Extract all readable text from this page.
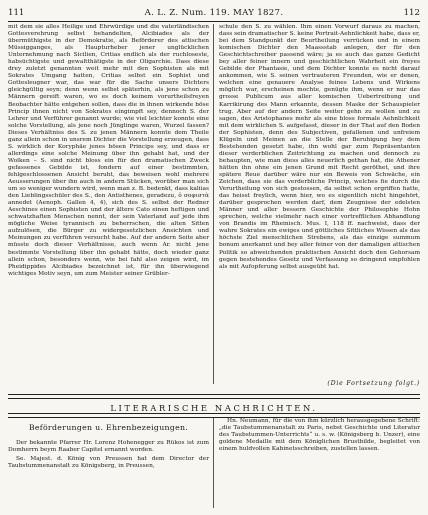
111	A. L. Z. Num. 119. MAY 1827.	112

mit dem sie alles Heilige und Ehrwürdige und die vaterländischen Gottesverehrung selbst behandelten, Alcibiades als der übermüthigste in der Demokratie, als Beförderer des attischen Müssigganges, als Haupturheber jener unglücklichen Unternehmung nach Sicilien, Critias endlich als der ruchloseste, habsüchtigste und gewaltthätigste in der Oligarchie. Dass diese drey zuletzt genannten weit mehr mit den Sophisten als mit Sokrates Umgang hatten, Critias selbst ein Sophist und Gottesleugner war, das war für die Sache unsers Dichters gleichgültig seyn; denn wenn selbst späterhin, als jene schon zu Männern gereift waren, wo es doch keinem vorurtheilsfreyen Beobachter hätte entgehen sollen, dass die in ihnen wirkende böse Princip ihnen nicht von Sokrates eingimpft sey, dennoch S. der Lehrer und Verführer genannt wurde; wie viel leichter konnte eine solche Vorstellung, als jene noch Jünglinge waren, Wurzel fassen? Dieses Verhältniss des S. zu jenen Männern konnte dem Theile ganz allein schon in unsrem Dichter die Vorstellung erzeugen, dass S. wirklich der Koryphäe jenes bösen Princips sey, und dass er allerdings eine solche Meinung über ihn gehabt hat, und der Wolken – S. sind nicht bloss ein für den dramatischen Zweck gefassenes Gebilde ist, fondern auf einer bestimmten, fehlgeschlossenen Ansicht beruht, das beweisen wohl mehrere Aeusserungen über ihn auch in andern Stücken, worüber man sich um so weniger wundern wird, wenn man z. B. bedenkt, dass kaliias den Lieblingsschüler des S., den Antisthenes, geradezu, ὁ σοφιστὰ annedet (Aenoph. Gallen 4, 4), sich des S. selbst der Redner Aeschines einen Sophisten und der ältere Cato einen heftigen und schwatzhaften Menschen nennt, der sein Vaterland auf jede ihm mögliche Weise tyrannisch zu beherrschen, die alten Sitten aufzulösen, die Bürger zu widergesetzlichen Ansichten und Meinungen zu verführen versucht habe. Auf der andern Seite aber müsste doch dieser Verhältnisse, auch wenn Ar. nicht jene bestimmte Vorstellung über ihn gehabt hätte, doch wieder ganz allein schon, besonders wenn, wie bei fahl also zeigen wird, im Pheidippides Alcibiades bezeichnet ist, für ihn überwiegend wichtiges Motiv seyn, um zum Meister seiner Grübler-

schule den S. zu wählen. Ihm einen Vorwurf daraus zu machen, dass sein dramatischer S. keine Portrait-Aehnlichkeit habe, dass er, bei dem Standpunkt der Beurtheilung verrücken und in einem komischen Dichter den Maassstab anlegen, der für den Geschichtschreiber passend wäre; ja es auch das ganze Gedicht bey aller feiner innern und geschichtlichen Wahrheit ein freyes Gebilde der Phantasie, und dem Dichter konnte es nicht darauf ankommen, wie S. seinen vertrauteren Freunden, wie er denen, welchen eine genauere Analyse feines Lebens und Wirkens möglich war, erscheinen mochte, genügte ihm, wenn er nur das grosse Publicum aus aller komischen Uebertreibung und Karrikirung des Mann erkannte, dessen Maske der Schauspieler trug. Aber auf der andern Seite weiter gehn zu wollen und zu sagen, des Aristophanes mehr als eine bloss formale Aehnlichkeit mit dem wirklichen S. aufgefasst, dieser in der That auf den Boden der Sophisten, denn des Subjectiven, gefallenen und unfreiem Klügeln und Meinen an die Stelle der Beruhigung bey dem Bestehenden gesetzt habe, ihn wohl gar zum Repräsentanten dieser verderblichen Zeitrichtung zu machen und dennoch zu behaupten, wie man diess alles neuerlich gethan hat, die Athener hätten ihn ohne ein jenen Grund mit Recht geröthet, und ihre spätere Reue darüber wäre nur ein Beweis von Schwäche, ein Zeichen, dass sie das verderbliche Princip, welches fie durch die Verurtheilung von sich gestossen, da selbst schon ergriffen hatte, das heisst freylich, wenn hier, wo es eigentlich nicht hingehört, darüber gesprochen werden darf, dem Zeugnisse der edelsten Männer und aller bessern Geschichte der Philosophie Hohn sprechen, welche vielmehr nach einer vortrefflichen Abhandlung von Brandis im Rheinisch. Mus. I, 118 ff. nachweist, dass der wahre Sokrates ein ewiges und göttliches Sittliches Wissen als das höchste Ziel menschlichen Strebens, als das einzige summum bonum anerkannt und bey aller feiner von der damaligen attischen Politik so abweichenden praktischen Ansicht doch den Gehorsam gegen bestehendes Gesetz und Verfassung so dringend empfohlen als mit Aufopferung selbst ausgeübt hat.

(Die Fortsetzung folgt.)
LITERARISCHE NACHRICHTEN.
Beförderungen u. Ehrenbezeigungen.

Der bekannte Pfarrer Hr. Lorenz Hohenegger zu Rükos ist zum Domherrn beym Raaber Capitel ernannt worden.

Se. Majest. d. König von Preussen hat dem Director der Taubstummenanstalt zu Königsberg, in Preussen,

Hn. Neumann, für die von ihm kürzlich herausgegebene Schrift: „die Taubstummenanstalt zu Paris, nebst Geschichte und Literatur des Taubstummen-Unterrichts“ u. s. w. (Königsberg b. Unzer), eine goldene Medaille mit dem Königlichen Brustbilde, begleitet von einem huldvollen Kabinetsschreiben, zustellen lassen.
